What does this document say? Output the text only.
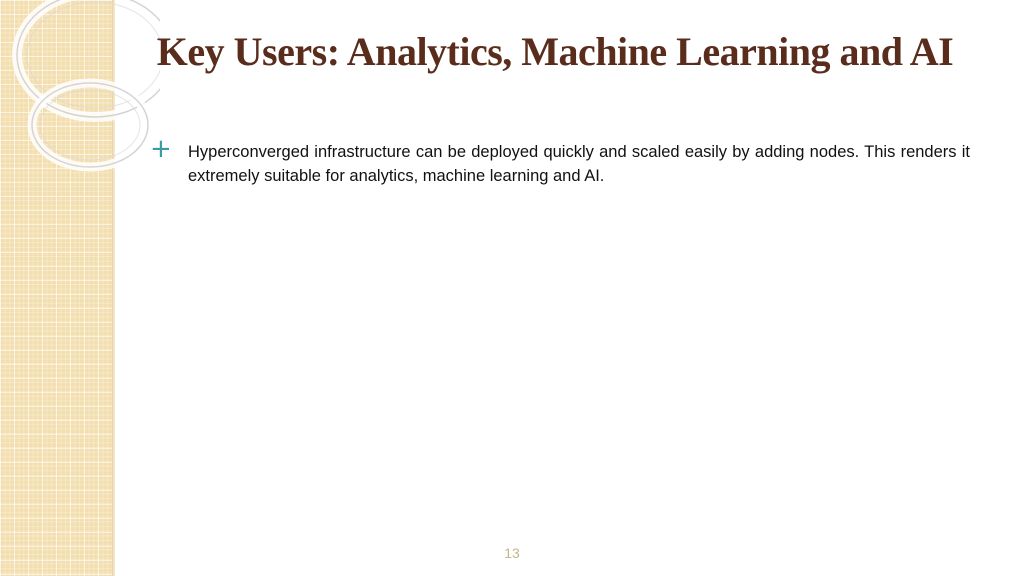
Key Users: Analytics, Machine Learning and AI
+ Hyperconverged infrastructure can be deployed quickly and scaled easily by adding nodes. This renders it extremely suitable for analytics, machine learning and AI.
13
